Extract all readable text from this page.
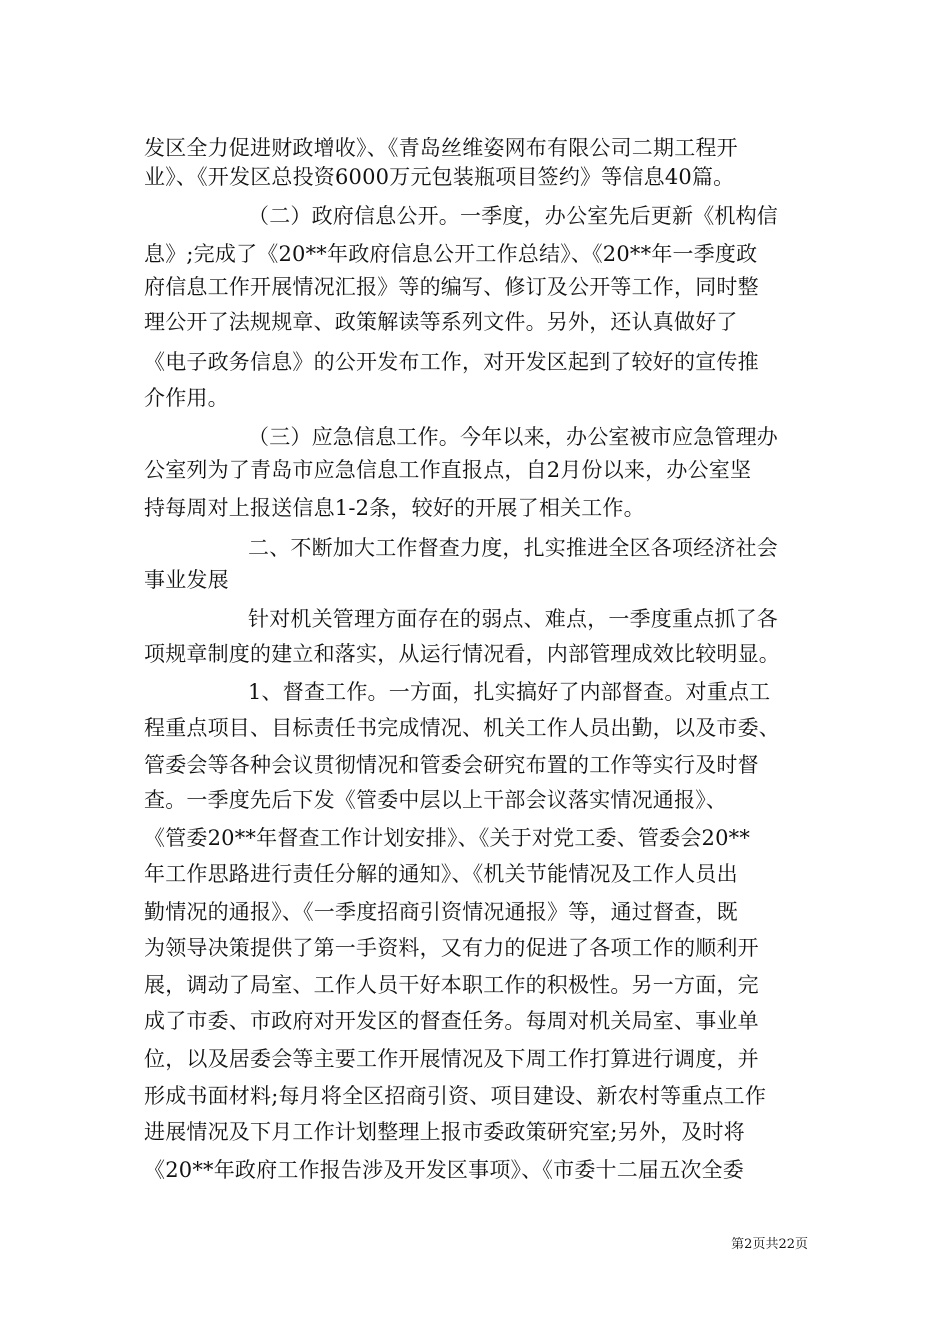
发区全力促进财政增收》、《青岛丝维姿网布有限公司二期工程开
业》、《开发区总投资6000万元包装瓶项目签约》等信息40篇。
（二）政府信息公开。一季度，办公室先后更新《机构信
息》;完成了《20**年政府信息公开工作总结》、《20**年一季度政
府信息工作开展情况汇报》等的编写、修订及公开等工作，同时整
理公开了法规规章、政策解读等系列文件。另外，还认真做好了
《电子政务信息》的公开发布工作，对开发区起到了较好的宣传推
介作用。
（三）应急信息工作。今年以来，办公室被市应急管理办
公室列为了青岛市应急信息工作直报点，自2月份以来，办公室坚
持每周对上报送信息1-2条，较好的开展了相关工作。
二、不断加大工作督查力度，扎实推进全区各项经济社会
事业发展
针对机关管理方面存在的弱点、难点，一季度重点抓了各
项规章制度的建立和落实，从运行情况看，内部管理成效比较明显。
1、督查工作。一方面，扎实搞好了内部督查。对重点工
程重点项目、目标责任书完成情况、机关工作人员出勤，以及市委、
管委会等各种会议贯彻情况和管委会研究布置的工作等实行及时督
查。一季度先后下发《管委中层以上干部会议落实情况通报》、
《管委20**年督查工作计划安排》、《关于对党工委、管委会20**
年工作思路进行责任分解的通知》、《机关节能情况及工作人员出
勤情况的通报》、《一季度招商引资情况通报》等，通过督查，既
为领导决策提供了第一手资料，又有力的促进了各项工作的顺利开
展，调动了局室、工作人员干好本职工作的积极性。另一方面，完
成了市委、市政府对开发区的督查任务。每周对机关局室、事业单
位，以及居委会等主要工作开展情况及下周工作打算进行调度，并
形成书面材料;每月将全区招商引资、项目建设、新农村等重点工作
进展情况及下月工作计划整理上报市委政策研究室;另外，及时将
《20**年政府工作报告涉及开发区事项》、《市委十二届五次全委
第2页共22页
